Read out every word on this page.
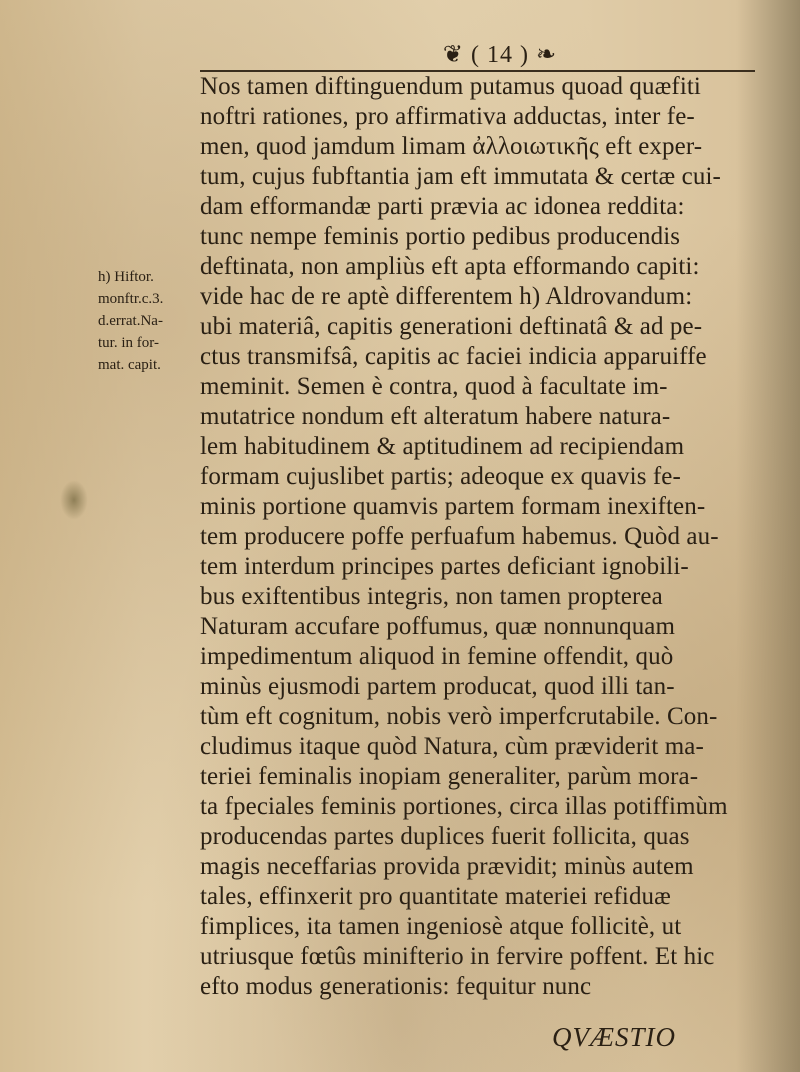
❦ ( 14 ) ❧
h) Hiftor.
monftr.c.3.
d.errat.Na-
tur. in for-
mat. capit.
Nos tamen diftinguendum putamus quoad quæfiti
noftri rationes, pro affirmativa adductas, inter fe-
men, quod jamdum limam ἀλλοιωτικῆς eft exper-
tum, cujus fubftantia jam eft immutata & certæ cui-
dam efformandæ parti prævia ac idonea reddita:
tunc nempe feminis portio pedibus producendis
deftinata, non ampliùs eft apta efformando capiti:
vide hac de re aptè differentem h) Aldrovandum:
ubi materiâ, capitis generationi deftinatâ & ad pe-
ctus transmifsâ, capitis ac faciei indicia apparuiffe
meminit. Semen è contra, quod à facultate im-
mutatrice nondum eft alteratum habere natura-
lem habitudinem & aptitudinem ad recipiendam
formam cujuslibet partis; adeoque ex quavis fe-
minis portione quamvis partem formam inexiften-
tem producere poffe perfuafum habemus. Quòd au-
tem interdum principes partes deficiant ignobili-
bus exiftentibus integris, non tamen propterea
Naturam accufare poffumus, quæ nonnunquam
impedimentum aliquod in femine offendit, quò
minùs ejusmodi partem producat, quod illi tan-
tùm eft cognitum, nobis verò imperfcrutabile. Con-
cludimus itaque quòd Natura, cùm præviderit ma-
teriei feminalis inopiam generaliter, parùm mora-
ta fpeciales feminis portiones, circa illas potiffimùm
producendas partes duplices fuerit follicita, quas
magis neceffarias provida prævidit; minùs autem
tales, effinxerit pro quantitate materiei refiduæ
fimplices, ita tamen ingeniosè atque follicitè, ut
utriusque fœtûs minifterio in fervire poffent. Et hic
efto modus generationis: fequitur nunc
QVÆSTIO
